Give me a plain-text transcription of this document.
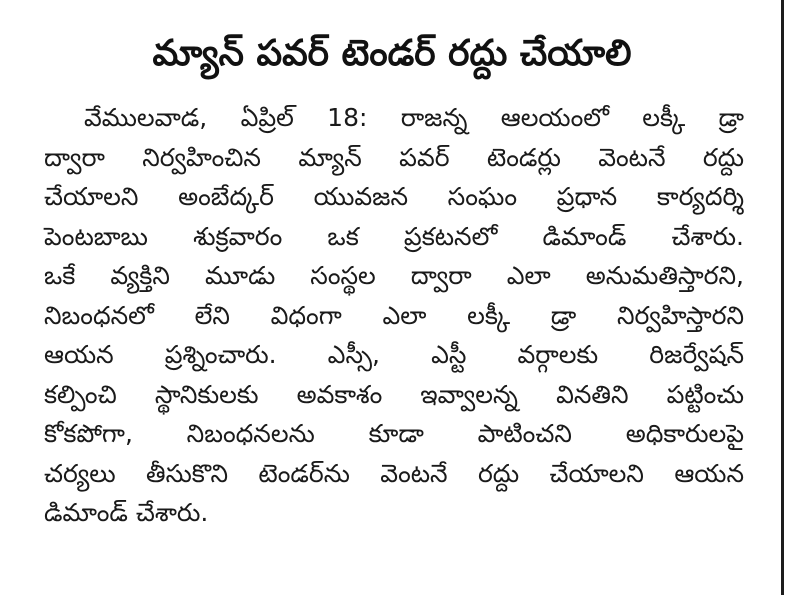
మ్యాన్ పవర్ టెండర్ రద్దు చేయాలి
వేములవాడ, ఏప్రిల్ 18: రాజన్న ఆలయంలో లక్కీ డ్రా
ద్వారా నిర్వహించిన మ్యాన్ పవర్ టెండర్లు వెంటనే రద్దు
చేయాలని అంబేద్కర్ యువజన సంఘం ప్రధాన కార్యదర్శి
పెంటబాబు శుక్రవారం ఒక ప్రకటనలో డిమాండ్ చేశారు.
ఒకే వ్యక్తిని మూడు సంస్థల ద్వారా ఎలా అనుమతిస్తారని,
నిబంధనలో లేని విధంగా ఎలా లక్కీ డ్రా నిర్వహిస్తారని
ఆయన ప్రశ్నించారు. ఎస్సీ, ఎస్టీ వర్గాలకు రిజర్వేషన్
కల్పించి స్థానికులకు అవకాశం ఇవ్వాలన్న వినతిని పట్టించు
కోకపోగా, నిబంధనలను కూడా పాటించని అధికారులపై
చర్యలు తీసుకొని టెండర్‌ను వెంటనే రద్దు చేయాలని ఆయన
డిమాండ్ చేశారు.
